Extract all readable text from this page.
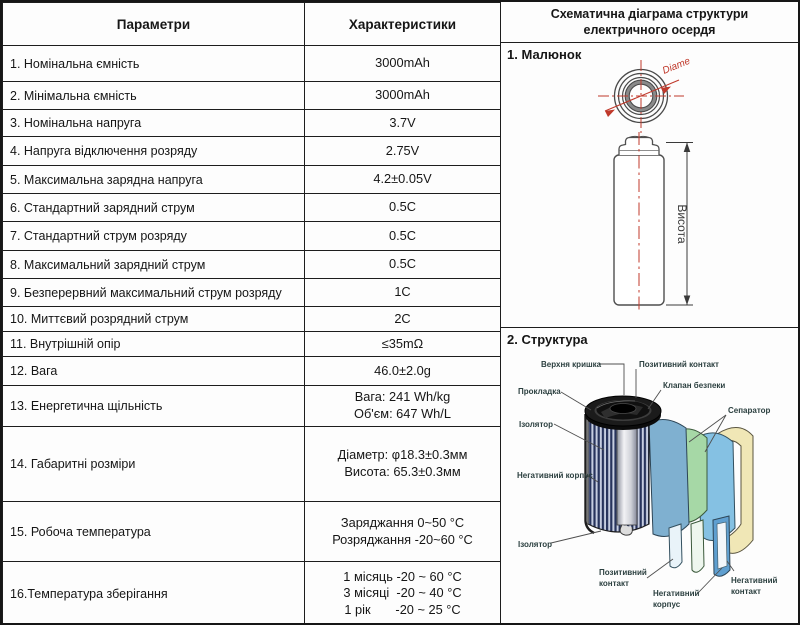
Параметри	Характеристики
1. Номінальна ємність	3000mAh

2. Мінімальна ємність	3000mAh

3. Номінальна напруга	3.7V

4. Напруга відключення розряду	2.75V

5. Максимальна зарядна напруга	4.2±0.05V

6. Стандартний зарядний струм	0.5C

7. Стандартний струм розряду	0.5C

8. Максимальний зарядний струм	0.5C

9. Безперервний максимальний струм розряду	1C

10. Миттєвий розрядний струм	2C

11. Внутрішній опір	≤35mΩ

12. Вага	46.0±2.0g

13. Енергетична щільність	Вага: 241 Wh/kg
Об'єм: 647 Wh/L

14. Габаритні розміри	Діаметр: φ18.3±0.3мм
Висота: 65.3±0.3мм

15. Робоча температура	Заряджання 0~50 °C
Розряджання -20~60 °C

16.Температура зберігання	1 місяць -20 ~ 60 °C
3 місяці  -20 ~ 40 °C
1 рік       -20 ~ 25 °C
Схематична діаграма структури
електричного осердя
1. Малюнок
Diame
Висота
2. Структура
Верхня кришка	Позитивний контакт
Клапан безпеки
Прокладка
Сепаратор
Ізолятор
Негативний корпус
Ізолятор
Позитивний
контакт
Негативний
корпус
Негативний
контакт
